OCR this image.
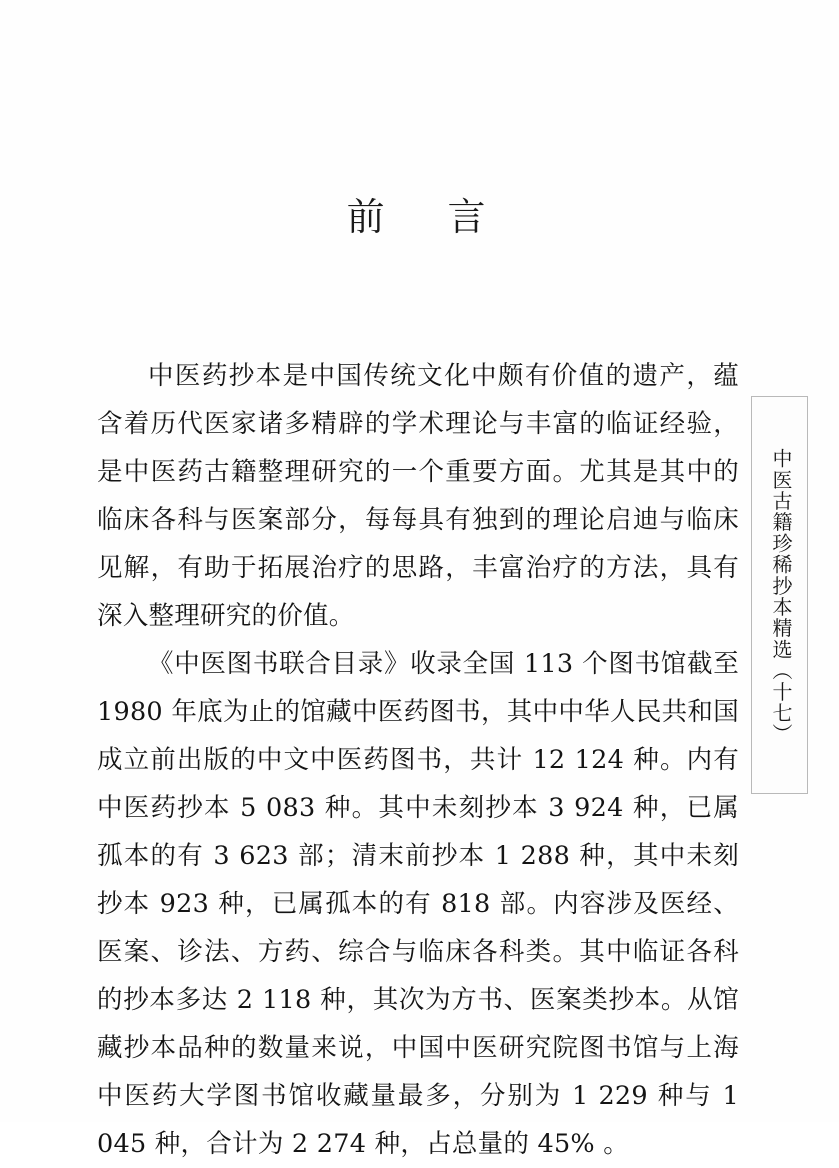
前 言

中医药抄本是中国传统文化中颇有价值的遗产，蕴含着历代医家诸多精辟的学术理论与丰富的临证经验，是中医药古籍整理研究的一个重要方面。尤其是其中的临床各科与医案部分，每每具有独到的理论启迪与临床见解，有助于拓展治疗的思路，丰富治疗的方法，具有深入整理研究的价值。

《中医图书联合目录》收录全国 113 个图书馆截至 1980 年底为止的馆藏中医药图书，其中中华人民共和国成立前出版的中文中医药图书，共计 12 124 种。内有中医药抄本 5 083 种。其中未刻抄本 3 924 种，已属孤本的有 3 623 部；清末前抄本 1 288 种，其中未刻抄本 923 种，已属孤本的有 818 部。内容涉及医经、医案、诊法、方药、综合与临床各科类。其中临证各科的抄本多达 2 118 种，其次为方书、医案类抄本。从馆藏抄本品种的数量来说，中国中医研究院图书馆与上海中医药大学图书馆收藏量最多，分别为 1 229 种与 1 045 种，合计为 2 274 种，占总量的 45% 。

中医古籍珍稀抄本精选（十七）
